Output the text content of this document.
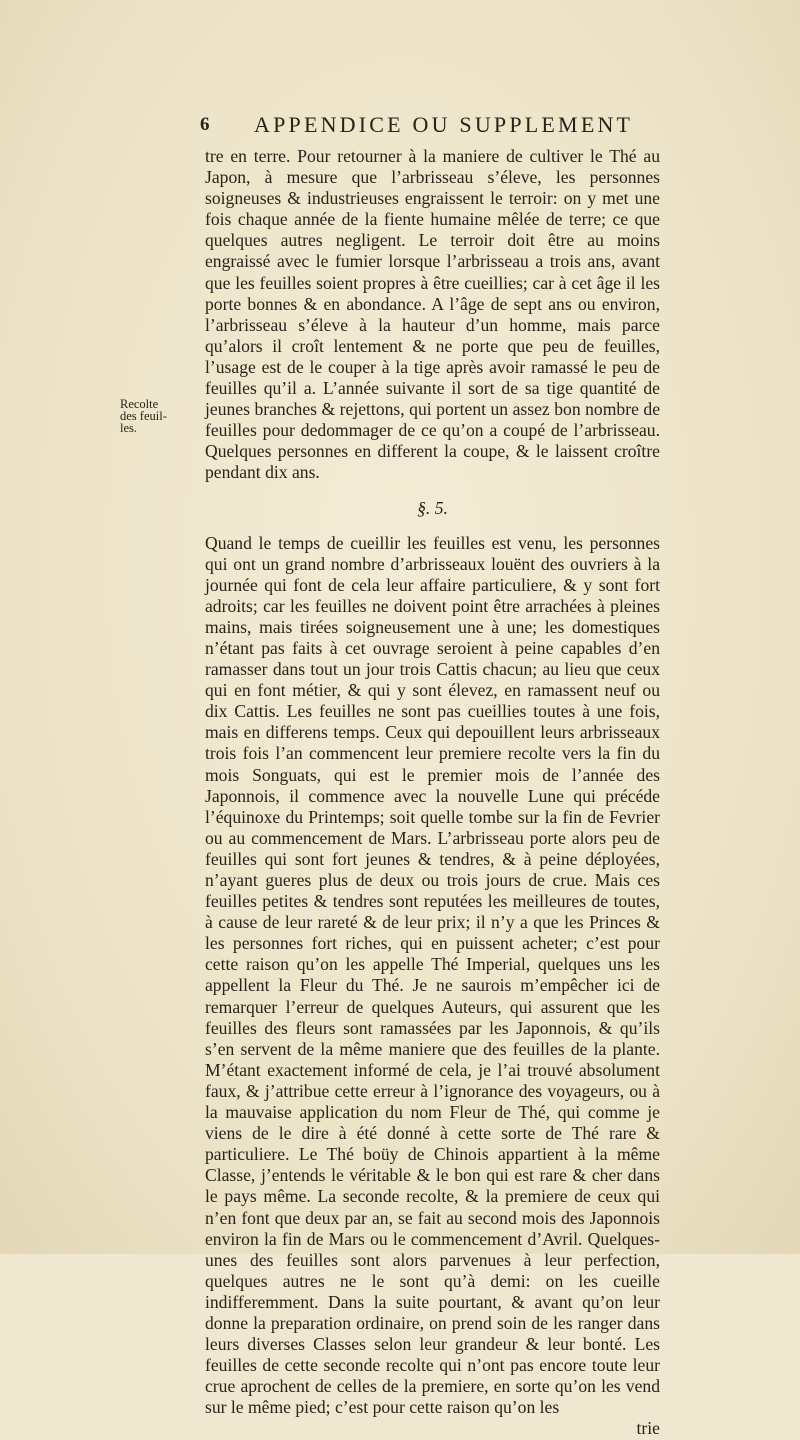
6 APPENDICE OU SUPPLEMENT
Recolte
des feuil-
les.

tre en terre. Pour retourner à la maniere de cultiver le Thé au Japon, à mesure que l’arbrisseau s’éleve, les personnes soigneuses & industrieuses engraissent le terroir: on y met une fois chaque année de la fiente humaine mêlée de terre; ce que quelques autres negligent. Le terroir doit être au moins engraissé avec le fumier lorsque l’arbrisseau a trois ans, avant que les feuilles soient propres à être cueillies; car à cet âge il les porte bonnes & en abondance. A l’âge de sept ans ou environ, l’arbrisseau s’éleve à la hauteur d’un homme, mais parce qu’alors il croît lentement & ne porte que peu de feuilles, l’usage est de le couper à la tige après avoir ramassé le peu de feuilles qu’il a. L’année suivante il sort de sa tige quantité de jeunes branches & rejettons, qui portent un assez bon nombre de feuilles pour dedommager de ce qu’on a coupé de l’arbrisseau. Quelques personnes en different la coupe, & le laissent croître pendant dix ans.

§. 5.

Quand le temps de cueillir les feuilles est venu, les personnes qui ont un grand nombre d’arbrisseaux louënt des ouvriers à la journée qui font de cela leur affaire particuliere, & y sont fort adroits; car les feuilles ne doivent point être arrachées à pleines mains, mais tirées soigneusement une à une; les domestiques n’étant pas faits à cet ouvrage seroient à peine capables d’en ramasser dans tout un jour trois Cattis chacun; au lieu que ceux qui en font métier, & qui y sont élevez, en ramassent neuf ou dix Cattis. Les feuilles ne sont pas cueillies toutes à une fois, mais en differens temps. Ceux qui depouillent leurs arbrisseaux trois fois l’an commencent leur premiere recolte vers la fin du mois Songuats, qui est le premier mois de l’année des Japonnois, il commence avec la nouvelle Lune qui précéde l’équinoxe du Printemps; soit quelle tombe sur la fin de Fevrier ou au commencement de Mars. L’arbrisseau porte alors peu de feuilles qui sont fort jeunes & tendres, & à peine déployées, n’ayant gueres plus de deux ou trois jours de crue. Mais ces feuilles petites & tendres sont reputées les meilleures de toutes, à cause de leur rareté & de leur prix; il n’y a que les Princes & les personnes fort riches, qui en puissent acheter; c’est pour cette raison qu’on les appelle Thé Imperial, quelques uns les appellent la Fleur du Thé. Je ne saurois m’empêcher ici de remarquer l’erreur de quelques Auteurs, qui assurent que les feuilles des fleurs sont ramassées par les Japonnois, & qu’ils s’en servent de la même maniere que des feuilles de la plante. M’étant exactement informé de cela, je l’ai trouvé absolument faux, & j’attribue cette erreur à l’ignorance des voyageurs, ou à la mauvaise application du nom Fleur de Thé, qui comme je viens de le dire à été donné à cette sorte de Thé rare & particuliere. Le Thé boüy de Chinois appartient à la même Classe, j’entends le véritable & le bon qui est rare & cher dans le pays même. La seconde recolte, & la premiere de ceux qui n’en font que deux par an, se fait au second mois des Japonnois environ la fin de Mars ou le commencement d’Avril. Quelques-unes des feuilles sont alors parvenues à leur perfection, quelques autres ne le sont qu’à demi: on les cueille indifferemment. Dans la suite pourtant, & avant qu’on leur donne la preparation ordinaire, on prend soin de les ranger dans leurs diverses Classes selon leur grandeur & leur bonté. Les feuilles de cette seconde recolte qui n’ont pas encore toute leur crue aprochent de celles de la premiere, en sorte qu’on les vend sur le même pied; c’est pour cette raison qu’on les

trie
